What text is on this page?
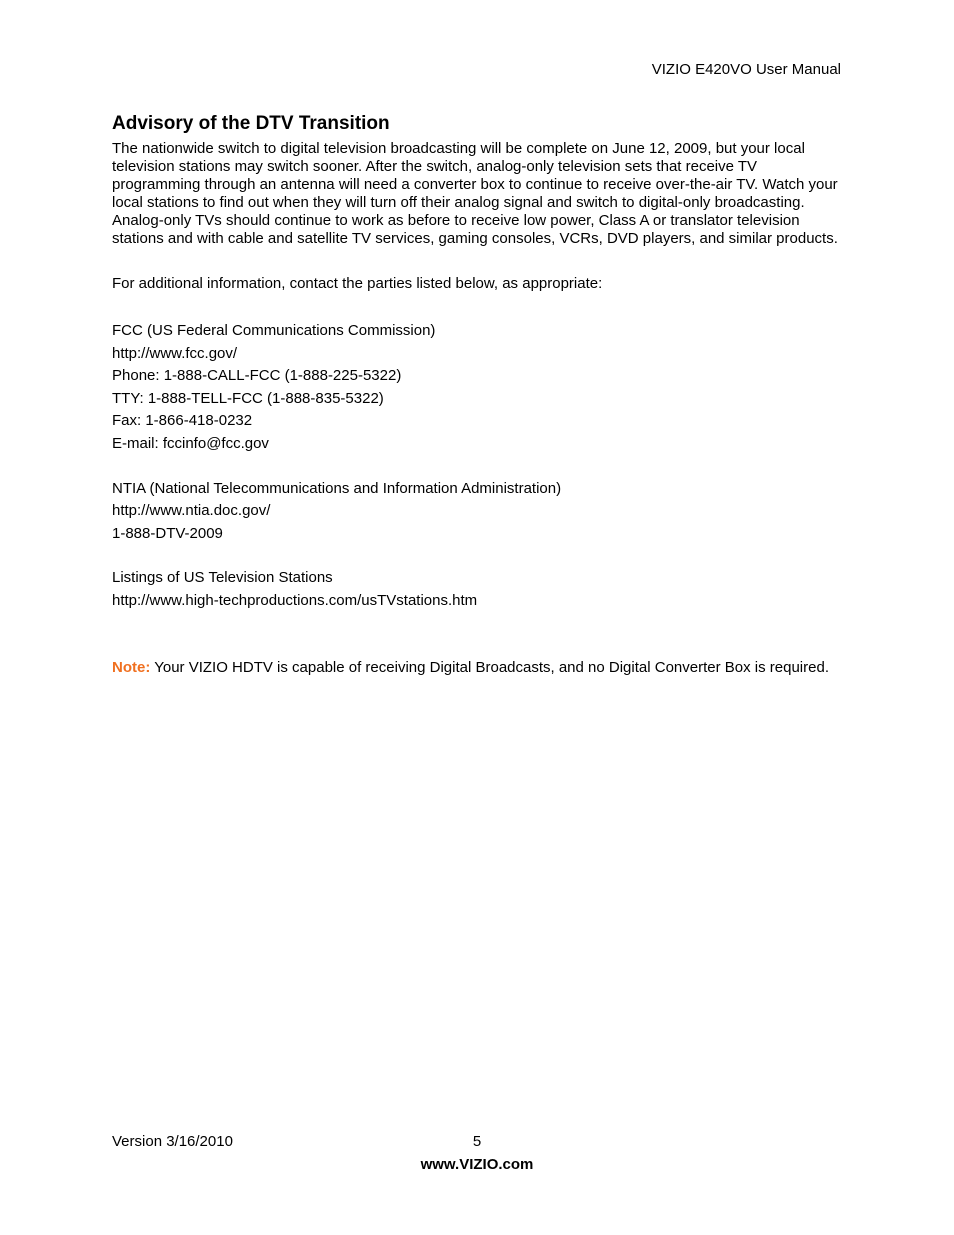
VIZIO E420VO User Manual
Advisory of the DTV Transition

The nationwide switch to digital television broadcasting will be complete on June 12, 2009, but your local television stations may switch sooner. After the switch, analog-only television sets that receive TV programming through an antenna will need a converter box to continue to receive over-the-air TV. Watch your local stations to find out when they will turn off their analog signal and switch to digital-only broadcasting. Analog-only TVs should continue to work as before to receive low power, Class A or translator television stations and with cable and satellite TV services, gaming consoles, VCRs, DVD players, and similar products.

For additional information, contact the parties listed below, as appropriate:

FCC (US Federal Communications Commission)

http://www.fcc.gov/

Phone: 1-888-CALL-FCC (1-888-225-5322)

TTY: 1-888-TELL-FCC (1-888-835-5322)

Fax: 1-866-418-0232

E-mail: fccinfo@fcc.gov

NTIA (National Telecommunications and Information Administration)

http://www.ntia.doc.gov/

1-888-DTV-2009

Listings of US Television Stations

http://www.high-techproductions.com/usTVstations.htm

Note: Your VIZIO HDTV is capable of receiving Digital Broadcasts, and no Digital Converter Box is required.

Version 3/16/2010	5
www.VIZIO.com
